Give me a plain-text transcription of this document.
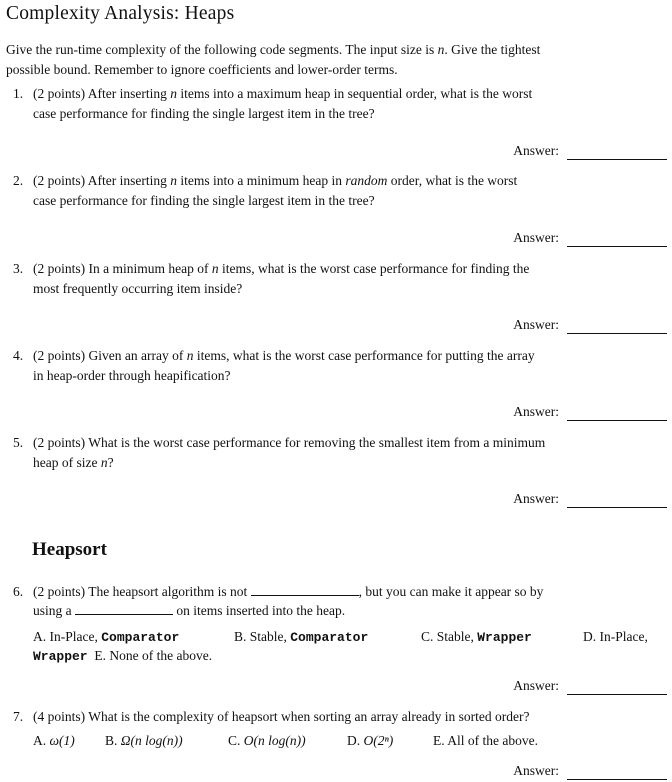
Complexity Analysis: Heaps
Give the run-time complexity of the following code segments. The input size is n. Give the tightest
possible bound. Remember to ignore coefficients and lower-order terms.
1. (2 points) After inserting n items into a maximum heap in sequential order, what is the worst
case performance for finding the single largest item in the tree?
Answer:
2. (2 points) After inserting n items into a minimum heap in random order, what is the worst
case performance for finding the single largest item in the tree?
Answer:
3. (2 points) In a minimum heap of n items, what is the worst case performance for finding the
most frequently occurring item inside?
Answer:
4. (2 points) Given an array of n items, what is the worst case performance for putting the array
in heap-order through heapification?
Answer:
5. (2 points) What is the worst case performance for removing the smallest item from a minimum
heap of size n?
Answer:
Heapsort
6. (2 points) The heapsort algorithm is not	, but you can make it appear so by
using a	on items inserted into the heap.
A. In-Place, Comparator	B. Stable, Comparator	C. Stable, Wrapper	D. In-Place,
Wrapper E. None of the above.
Answer:
7. (4 points) What is the complexity of heapsort when sorting an array already in sorted order?
A. ω(1) B. Ω(n log(n))	C. O(n log(n))	D. O(2ⁿ)	E. All of the above.
Answer:
